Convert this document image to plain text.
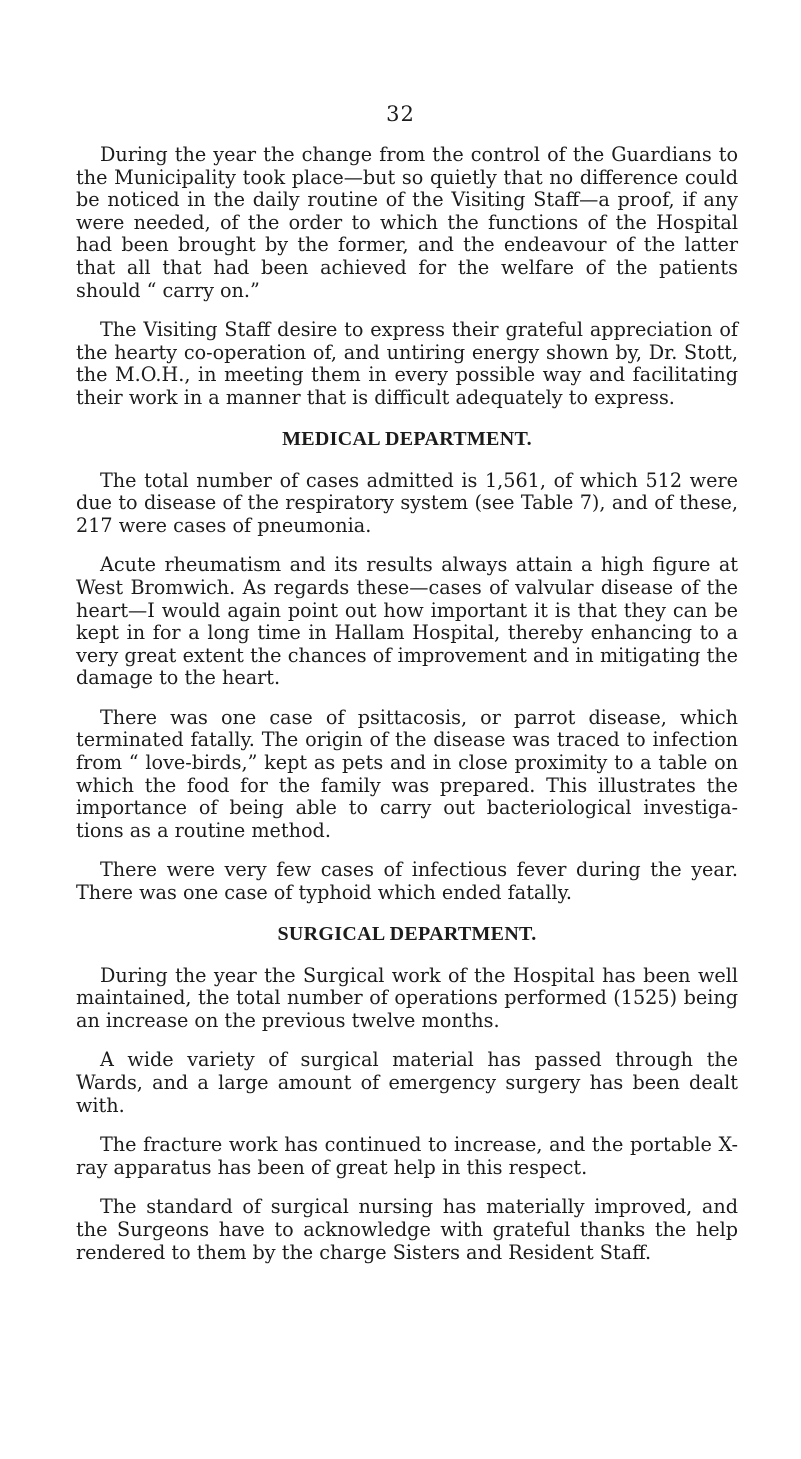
32

During the year the change from the control of the Guardians to the Municipality took place—but so quietly that no difference could be noticed in the daily routine of the Visiting Staff—a proof, if any were needed, of the order to which the functions of the Hospital had been brought by the former, and the endeavour of the latter that all that had been achieved for the welfare of the patients should “ carry on.”

The Visiting Staff desire to express their grateful appreciation of the hearty co-operation of, and untiring energy shown by, Dr. Stott, the M.O.H., in meeting them in every possible way and facilitating their work in a manner that is difficult adequately to express.

MEDICAL DEPARTMENT.

The total number of cases admitted is 1,561, of which 512 were due to disease of the respiratory system (see Table 7), and of these, 217 were cases of pneumonia.

Acute rheumatism and its results always attain a high figure at West Bromwich. As regards these—cases of valvular disease of the heart—I would again point out how important it is that they can be kept in for a long time in Hallam Hospital, thereby enhancing to a very great extent the chances of improvement and in mitigating the damage to the heart.

There was one case of psittacosis, or parrot disease, which terminated fatally. The origin of the disease was traced to infection from “ love-birds,” kept as pets and in close proximity to a table on which the food for the family was prepared. This illustrates the importance of being able to carry out bacteriological investiga-tions as a routine method.

There were very few cases of infectious fever during the year. There was one case of typhoid which ended fatally.

SURGICAL DEPARTMENT.

During the year the Surgical work of the Hospital has been well maintained, the total number of operations performed (1525) being an increase on the previous twelve months.

A wide variety of surgical material has passed through the Wards, and a large amount of emergency surgery has been dealt with.

The fracture work has continued to increase, and the portable X-ray apparatus has been of great help in this respect.

The standard of surgical nursing has materially improved, and the Surgeons have to acknowledge with grateful thanks the help rendered to them by the charge Sisters and Resident Staff.
